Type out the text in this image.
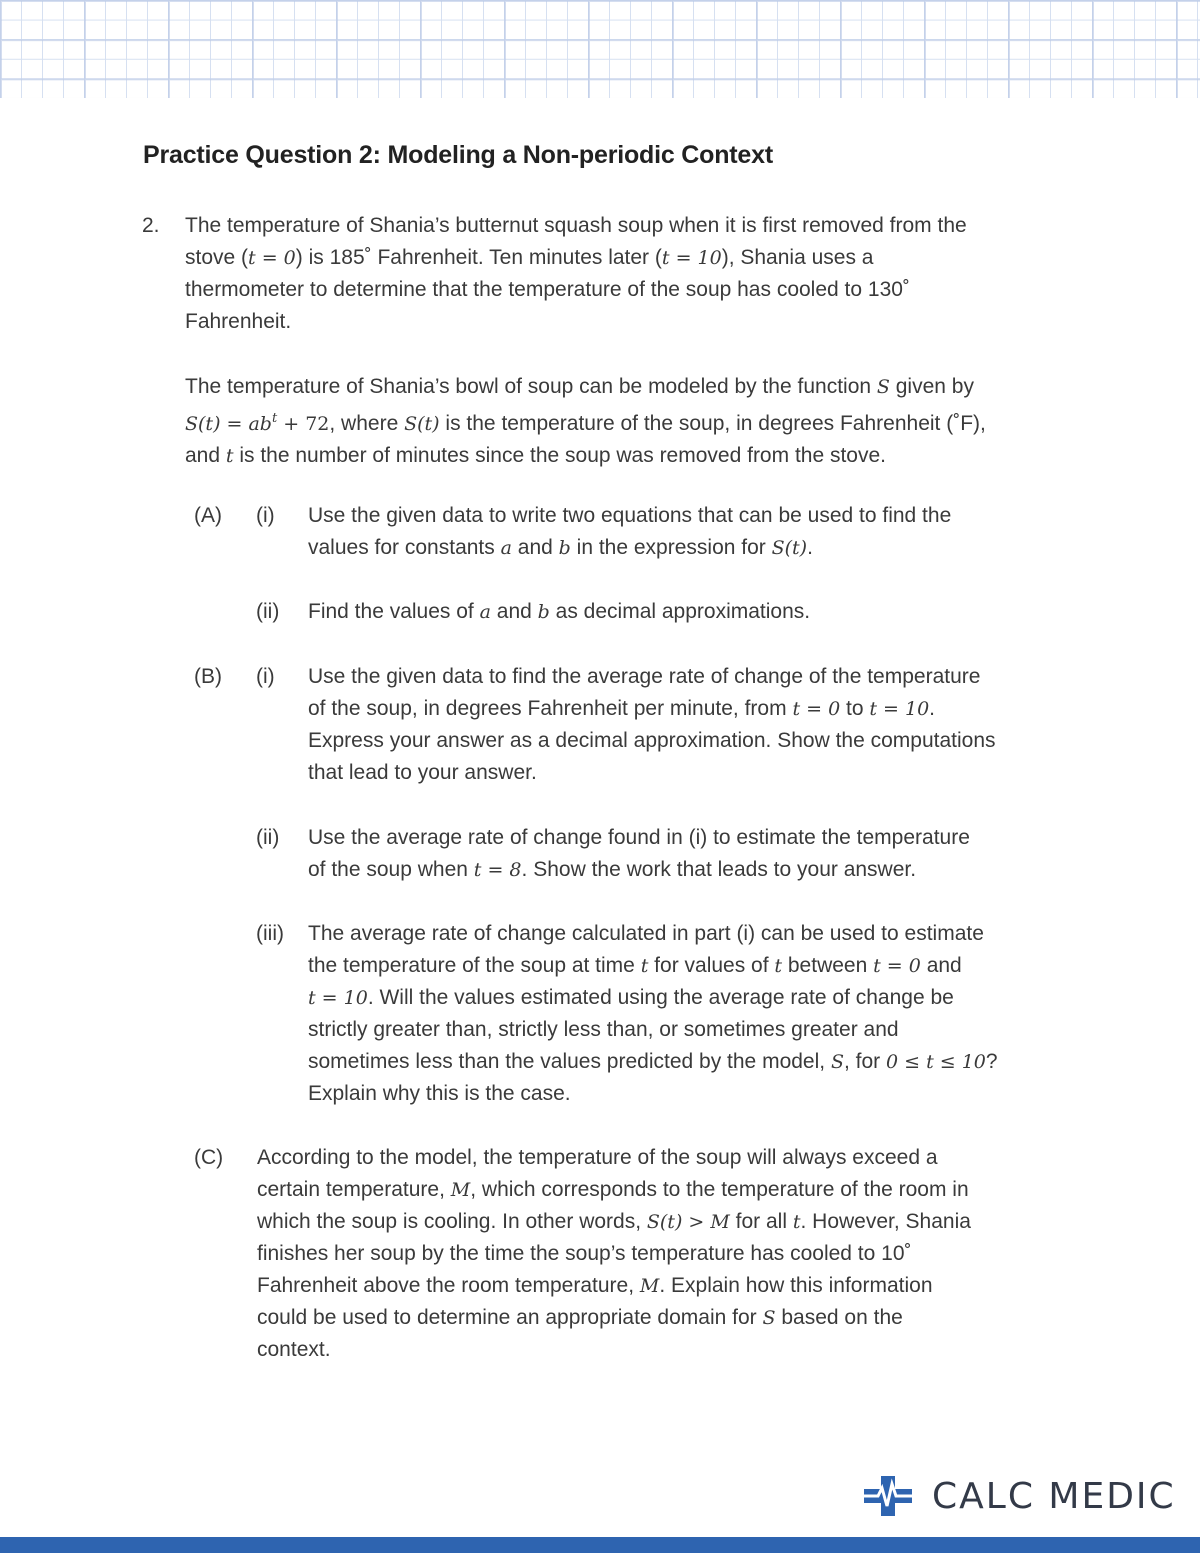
Practice Question 2: Modeling a Non-periodic Context
2. The temperature of Shania’s butternut squash soup when it is first removed from the
stove (t = 0) is 185˚ Fahrenheit. Ten minutes later (t = 10), Shania uses a
thermometer to determine that the temperature of the soup has cooled to 130˚
Fahrenheit.
The temperature of Shania’s bowl of soup can be modeled by the function S given by
$S(t) = ab^t + 72$, where S(t) is the temperature of the soup, in degrees Fahrenheit (˚F),
and t is the number of minutes since the soup was removed from the stove.
(A) (i) Use the given data to write two equations that can be used to find the
values for constants a and b in the expression for S(t).
(ii) Find the values of a and b as decimal approximations.
(B) (i) Use the given data to find the average rate of change of the temperature
of the soup, in degrees Fahrenheit per minute, from t = 0 to t = 10.
Express your answer as a decimal approximation. Show the computations
that lead to your answer.
(ii) Use the average rate of change found in (i) to estimate the temperature
of the soup when t = 8. Show the work that leads to your answer.
(iii) The average rate of change calculated in part (i) can be used to estimate
the temperature of the soup at time t for values of t between t = 0 and
t = 10. Will the values estimated using the average rate of change be
strictly greater than, strictly less than, or sometimes greater and
sometimes less than the values predicted by the model, S, for 0 ≤ t ≤ 10?
Explain why this is the case.
(C) According to the model, the temperature of the soup will always exceed a
certain temperature, M, which corresponds to the temperature of the room in
which the soup is cooling. In other words, S(t) > M for all t. However, Shania
finishes her soup by the time the soup’s temperature has cooled to 10˚
Fahrenheit above the room temperature, M. Explain how this information
could be used to determine an appropriate domain for S based on the
context.
CALC MEDIC
